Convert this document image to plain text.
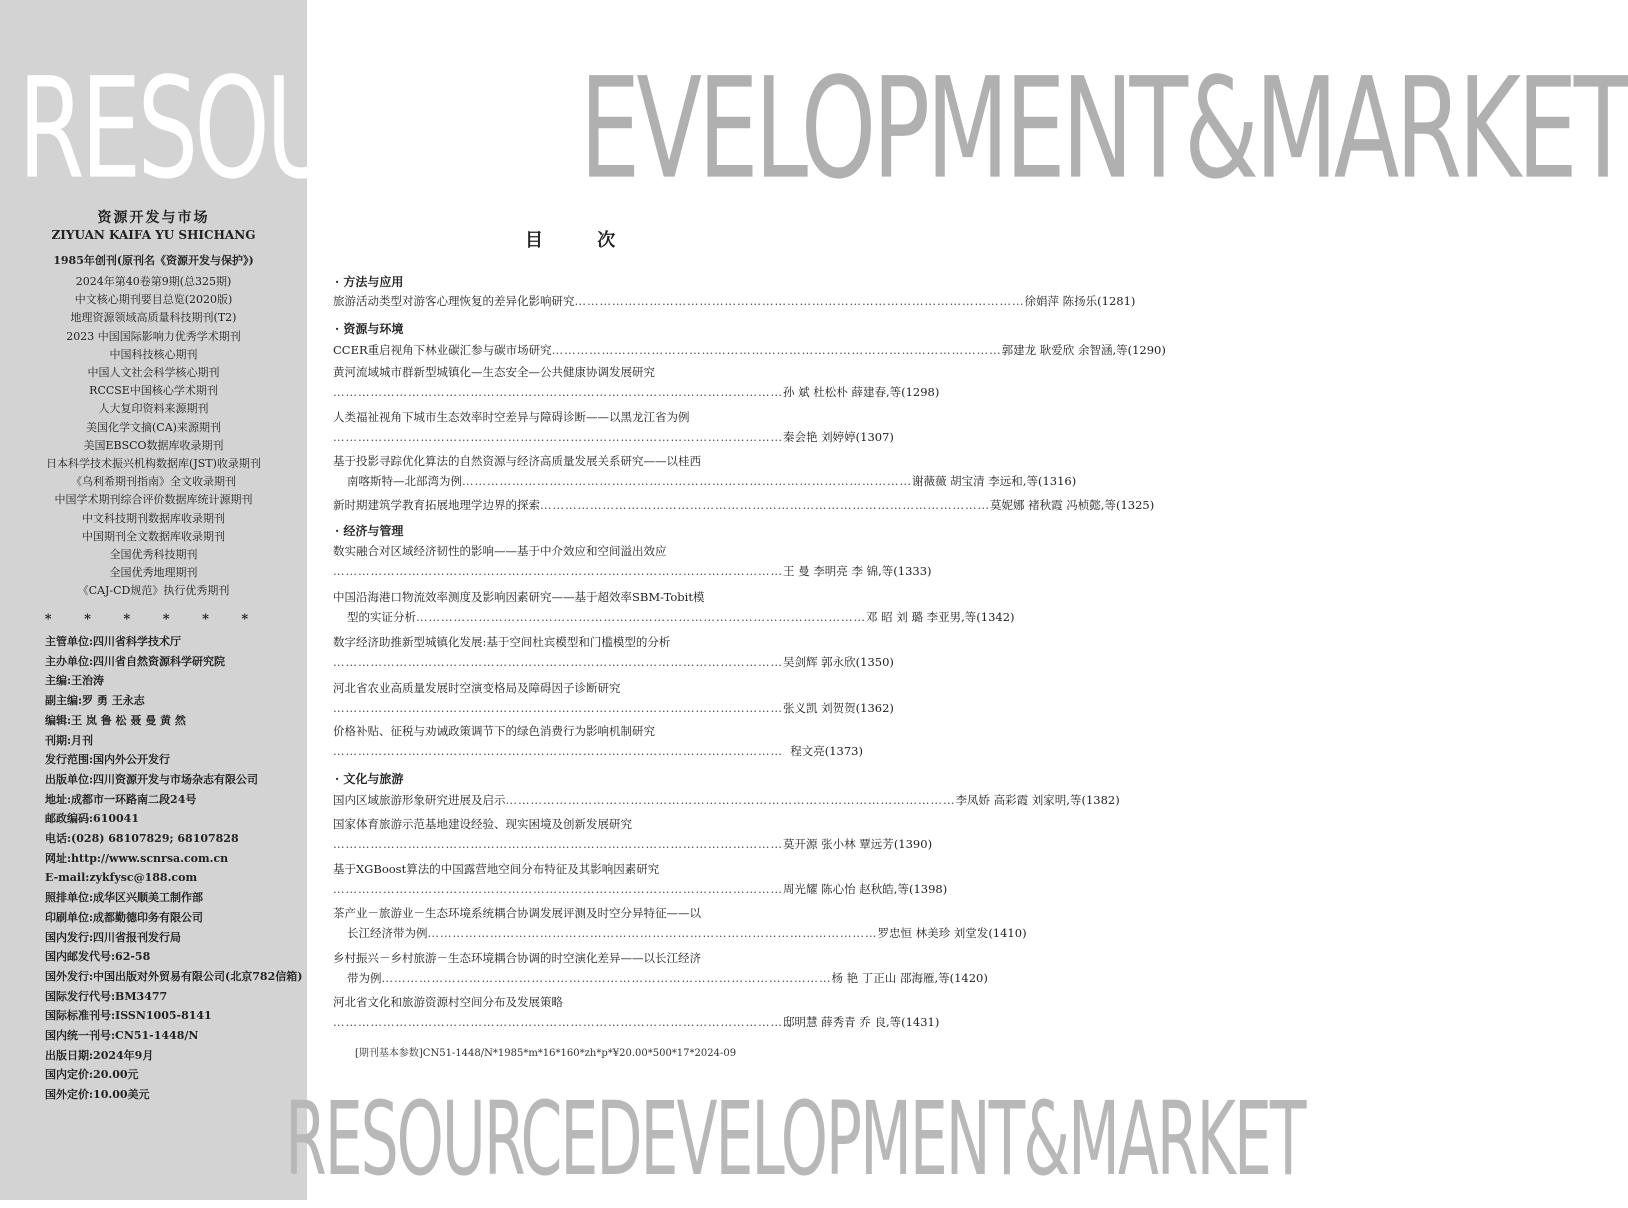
RESOURCEDEVELOPMENT&MARKET
资源开发与市场
ZIYUAN KAIFA YU SHICHANG
1985年创刊(原刊名《资源开发与保护》)
2024年第40卷第9期(总325期)
中文核心期刊要目总览(2020版)
地理资源领域高质量科技期刊(T2)
2023 中国国际影响力优秀学术期刊
中国科技核心期刊
中国人文社会科学核心期刊
RCCSE中国核心学术期刊
人大复印资料来源期刊
美国化学文摘(CA)来源期刊
美国EBSCO数据库收录期刊
日本科学技术振兴机构数据库(JST)收录期刊
《乌利希期刊指南》全文收录期刊
中国学术期刊综合评价数据库统计源期刊
中文科技期刊数据库收录期刊
中国期刊全文数据库收录期刊
全国优秀科技期刊
全国优秀地理期刊
《CAJ-CD规范》执行优秀期刊
* * * * * *
主管单位:四川省科学技术厅
主办单位:四川省自然资源科学研究院
主编:王治涛
副主编:罗 勇 王永志
编辑:王 岚 鲁 松 聂 曼 黄 然
刊期:月刊
发行范围:国内外公开发行
出版单位:四川资源开发与市场杂志有限公司
地址:成都市一环路南二段24号
邮政编码:610041
电话:(028) 68107829; 68107828
网址:http://www.scnrsa.com.cn
E-mail:zykfysc@188.com
照排单位:成华区兴顺美工制作部
印刷单位:成都勤德印务有限公司
国内发行:四川省报刊发行局
国内邮发代号:62-58
国外发行:中国出版对外贸易有限公司(北京782信箱)
国际发行代号:BM3477
国际标准刊号:ISSN1005-8141
国内统一刊号:CN51-1448/N
出版日期:2024年9月
国内定价:20.00元
国外定价:10.00美元
目 次
· 方法与应用
旅游活动类型对游客心理恢复的差异化影响研究 ……………………………………………………………………………………………… 徐娟萍 陈扬乐 (1281)
· 资源与环境
CCER重启视角下林业碳汇参与碳市场研究 ……………………………………………………………………………………………… 郭建龙 耿爱欣 余智涵,等 (1290)
黄河流域城市群新型城镇化—生态安全—公共健康协调发展研究
……………………………………………………………………………………………… 孙 斌 杜松朴 薛建春,等 (1298)
人类福祉视角下城市生态效率时空差异与障碍诊断——以黑龙江省为例
……………………………………………………………………………………………… 秦会艳 刘婷婷 (1307)
基于投影寻踪优化算法的自然资源与经济高质量发展关系研究——以桂西
南喀斯特—北部湾为例 ……………………………………………………………………………………………… 谢薇薇 胡宝清 李远和,等 (1316)
新时期建筑学教育拓展地理学边界的探索 ……………………………………………………………………………………………… 莫妮娜 褚秋霞 冯桢懿,等 (1325)
· 经济与管理
数实融合对区域经济韧性的影响——基于中介效应和空间溢出效应
……………………………………………………………………………………………… 王 曼 李明亮 李 锦,等 (1333)
中国沿海港口物流效率测度及影响因素研究——基于超效率SBM-Tobit模
型的实证分析 ……………………………………………………………………………………………… 邓 昭 刘 璐 李亚男,等 (1342)
数字经济助推新型城镇化发展:基于空间杜宾模型和门槛模型的分析
……………………………………………………………………………………………… 吴剑辉 郭永欣 (1350)
河北省农业高质量发展时空演变格局及障碍因子诊断研究
……………………………………………………………………………………………… 张义凯 刘贺贺 (1362)
价格补贴、征税与劝诫政策调节下的绿色消费行为影响机制研究
……………………………………………………………………………………………… 程文亮 (1373)
· 文化与旅游
国内区域旅游形象研究进展及启示 ……………………………………………………………………………………………… 李凤娇 高彩霞 刘家明,等 (1382)
国家体育旅游示范基地建设经验、现实困境及创新发展研究
……………………………………………………………………………………………… 莫开源 张小林 覃远芳 (1390)
基于XGBoost算法的中国露营地空间分布特征及其影响因素研究
……………………………………………………………………………………………… 周光耀 陈心怡 赵秋皓,等 (1398)
茶产业－旅游业－生态环境系统耦合协调发展评测及时空分异特征——以
长江经济带为例 ……………………………………………………………………………………………… 罗忠恒 林美珍 刘堂发 (1410)
乡村振兴－乡村旅游－生态环境耦合协调的时空演化差异——以长江经济
带为例 ……………………………………………………………………………………………… 杨 艳 丁正山 邵海雁,等 (1420)
河北省文化和旅游资源村空间分布及发展策略
……………………………………………………………………………………………… 邸明慧 薛秀青 乔 良,等 (1431)
[期刊基本参数]CN51-1448/N*1985*m*16*160*zh*p*¥20.00*500*17*2024-09
RESOURCEDEVELOPMENT&MARKET
